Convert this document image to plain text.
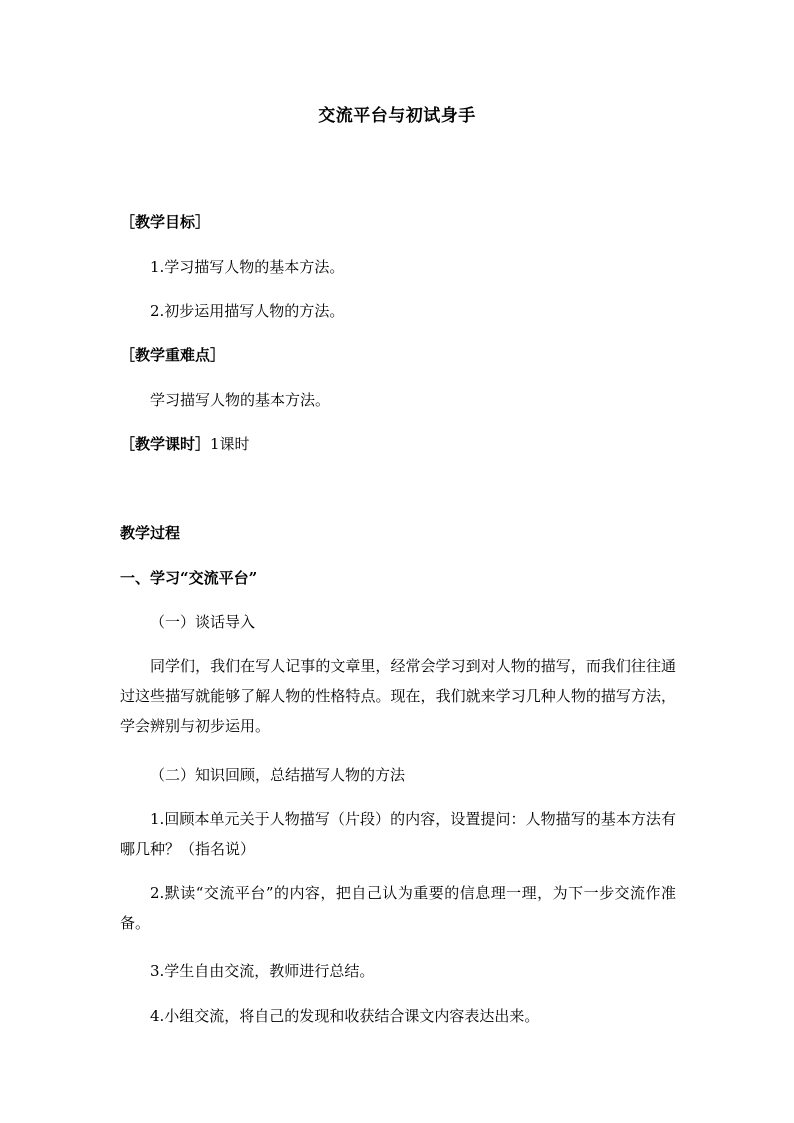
交流平台与初试身手
［教学目标］
1.学习描写人物的基本方法。
2.初步运用描写人物的方法。
［教学重难点］
学习描写人物的基本方法。
［教学课时］1课时
教学过程
一、学习“交流平台”
（一）谈话导入
同学们，我们在写人记事的文章里，经常会学习到对人物的描写，而我们往往通过这些描写就能够了解人物的性格特点。现在，我们就来学习几种人物的描写方法，学会辨别与初步运用。
（二）知识回顾，总结描写人物的方法
1.回顾本单元关于人物描写（片段）的内容，设置提问：人物描写的基本方法有哪几种？（指名说）
2.默读“交流平台”的内容，把自己认为重要的信息理一理，为下一步交流作准备。
3.学生自由交流，教师进行总结。
4.小组交流，将自己的发现和收获结合课文内容表达出来。
